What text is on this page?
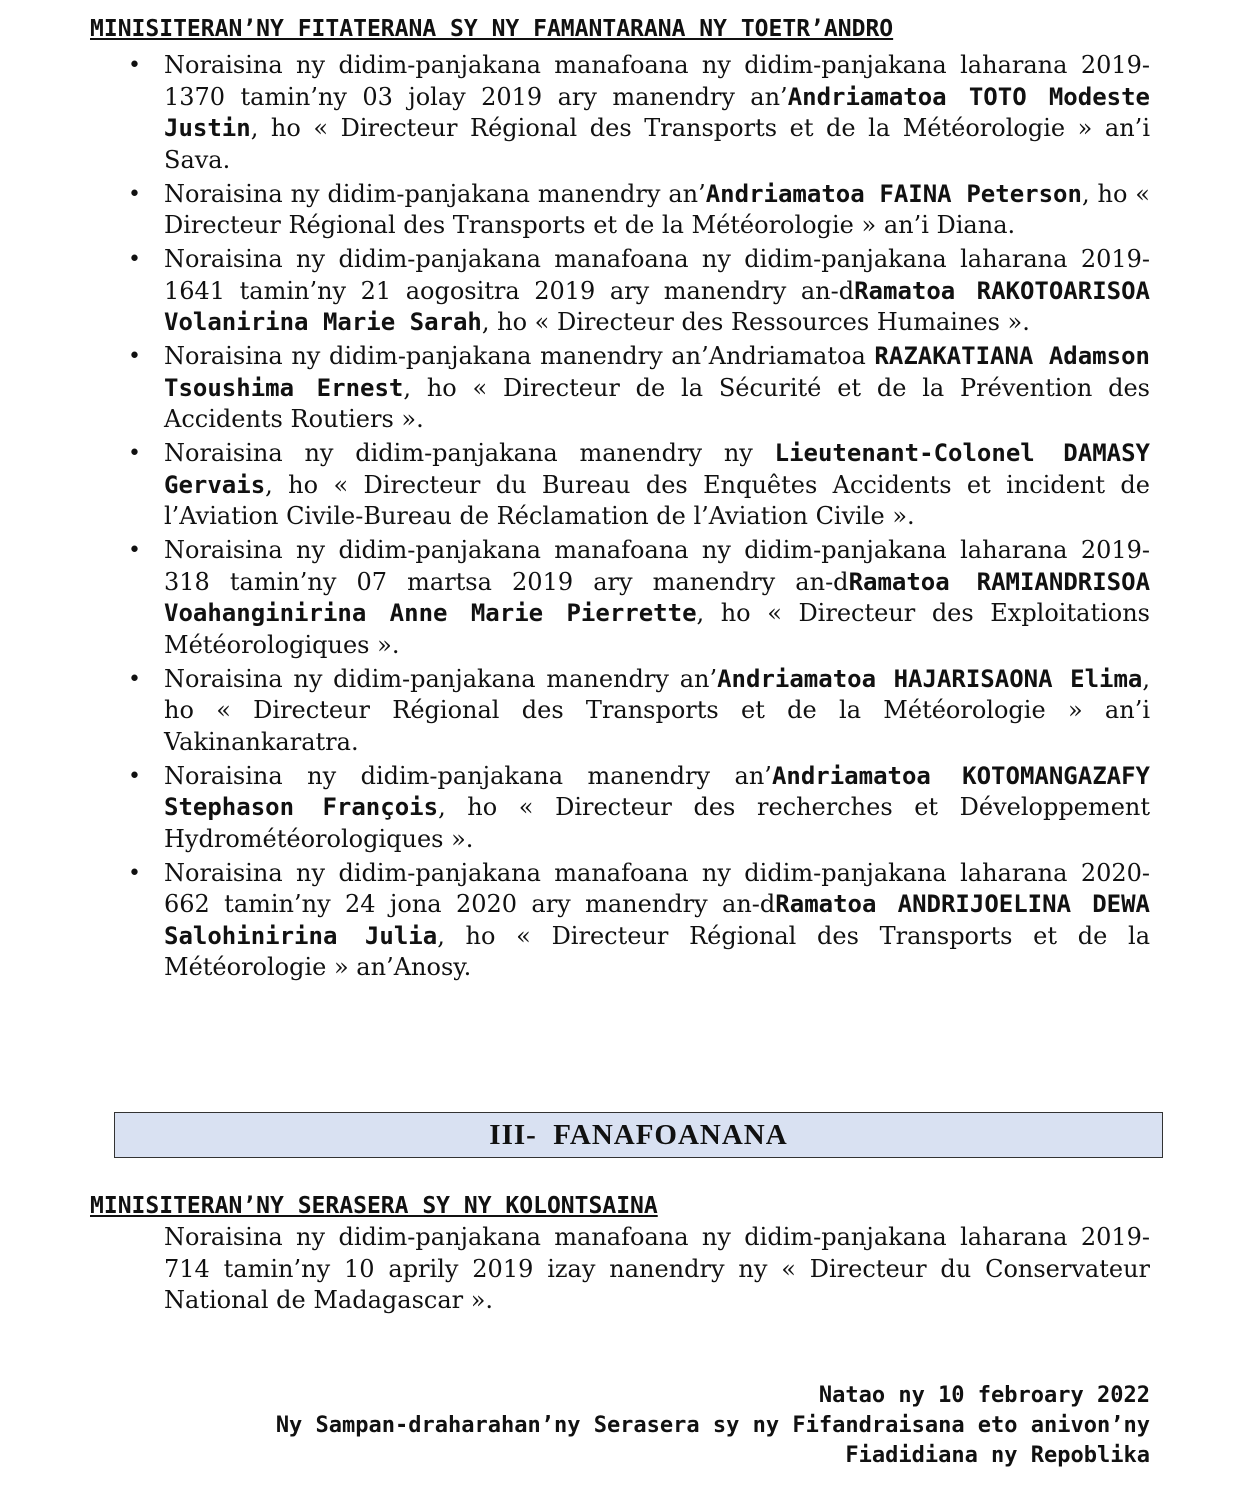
MINISITERAN’NY FITATERANA SY NY FAMANTARANA NY TOETR’ANDRO
• Noraisina ny didim-panjakana manafoana ny didim-panjakana laharana 2019-1370 tamin’ny 03 jolay 2019 ary manendry an’Andriamatoa TOTO Modeste Justin, ho « Directeur Régional des Transports et de la Météorologie » an’i Sava.
• Noraisina ny didim-panjakana manendry an’Andriamatoa FAINA Peterson, ho « Directeur Régional des Transports et de la Météorologie » an’i Diana.
• Noraisina ny didim-panjakana manafoana ny didim-panjakana laharana 2019-1641 tamin’ny 21 aogositra 2019 ary manendry an-dRamatoa RAKOTOARISOA Volanirina Marie Sarah, ho « Directeur des Ressources Humaines ».
• Noraisina ny didim-panjakana manendry an’Andriamatoa RAZAKATIANA Adamson Tsoushima Ernest, ho « Directeur de la Sécurité et de la Prévention des Accidents Routiers ».
• Noraisina ny didim-panjakana manendry ny Lieutenant-Colonel DAMASY Gervais, ho « Directeur du Bureau des Enquêtes Accidents et incident de l’Aviation Civile-Bureau de Réclamation de l’Aviation Civile ».
• Noraisina ny didim-panjakana manafoana ny didim-panjakana laharana 2019-318 tamin’ny 07 martsa 2019 ary manendry an-dRamatoa RAMIANDRISOA Voahanginirina Anne Marie Pierrette, ho « Directeur des Exploitations Météorologiques ».
• Noraisina ny didim-panjakana manendry an’Andriamatoa HAJARISAONA Elima, ho « Directeur Régional des Transports et de la Météorologie » an’i Vakinankaratra.
• Noraisina ny didim-panjakana manendry an’Andriamatoa KOTOMANGAZAFY Stephason François, ho « Directeur des recherches et Développement Hydrométéorologiques ».
• Noraisina ny didim-panjakana manafoana ny didim-panjakana laharana 2020-662 tamin’ny 24 jona 2020 ary manendry an-dRamatoa ANDRIJOELINA DEWA Salohinirina Julia, ho « Directeur Régional des Transports et de la Météorologie » an’Anosy.
III-  FANAFOANANA
MINISITERAN’NY SERASERA SY NY KOLONTSAINA

Noraisina ny didim-panjakana manafoana ny didim-panjakana laharana 2019-714 tamin’ny 10 aprily 2019 izay nanendry ny « Directeur du Conservateur National de Madagascar ».

Natao ny 10 febroary 2022
Ny Sampan-draharahan’ny Serasera sy ny Fifandraisana eto anivon’ny
Fiadidiana ny Repoblika
